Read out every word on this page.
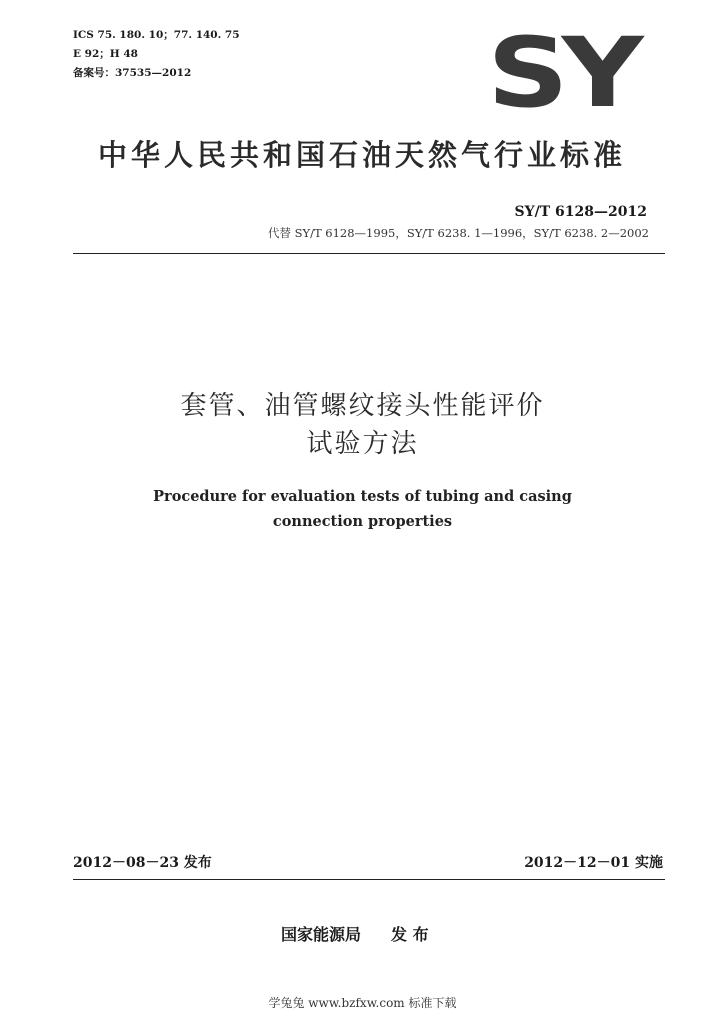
ICS 75. 180. 10；77. 140. 75
E 92；H 48
备案号：37535—2012	SY
中华人民共和国石油天然气行业标准
SY/T 6128—2012
代替 SY/T 6128—1995，SY/T 6238. 1—1996，SY/T 6238. 2—2002
套管、油管螺纹接头性能评价
试验方法
Procedure for evaluation tests of tubing and casing
connection properties
2012－08－23 发布	2012－12－01 实施
国家能源局 发 布
学兔兔 www.bzfxw.com 标准下载
